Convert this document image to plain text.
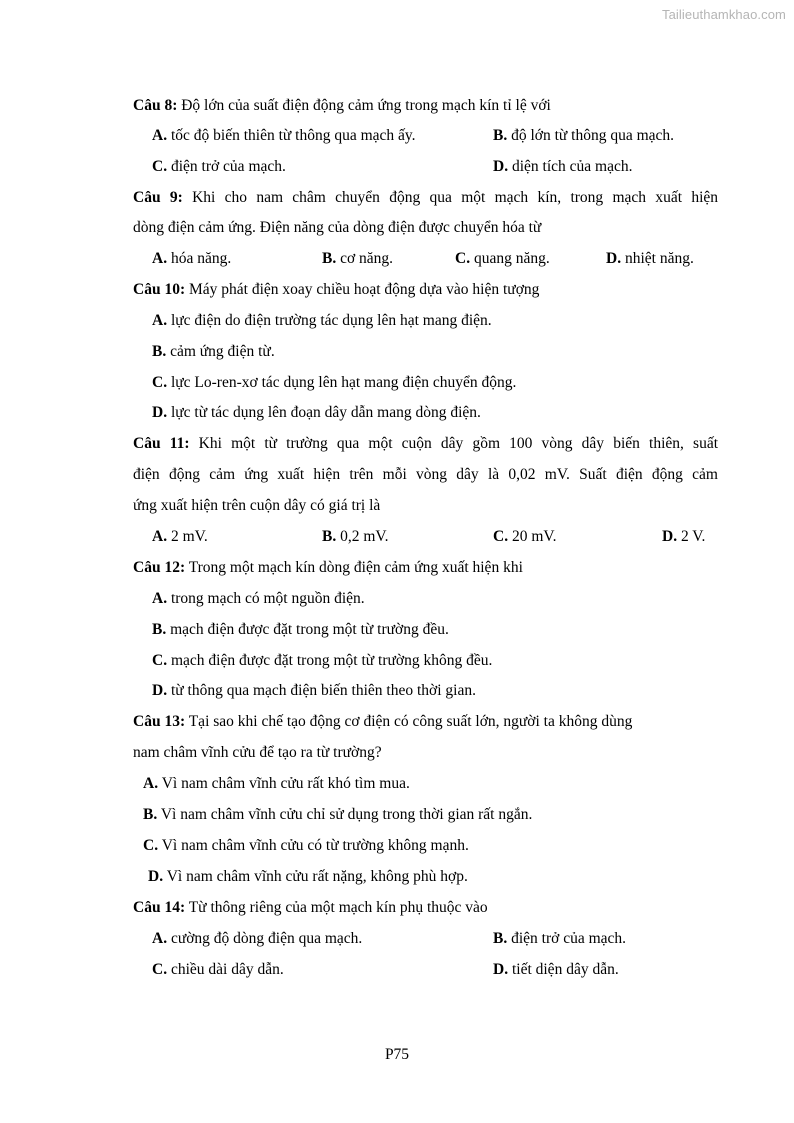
Tailieuthamkhao.com
Câu 8: Độ lớn của suất điện động cảm ứng trong mạch kín tỉ lệ với
A. tốc độ biến thiên từ thông qua mạch ấy.	B. độ lớn từ thông qua mạch.
C. điện trở của mạch.	D. diện tích của mạch.
Câu 9: Khi cho nam châm chuyển động qua một mạch kín, trong mạch xuất hiện
dòng điện cảm ứng. Điện năng của dòng điện được chuyển hóa từ
A. hóa năng.	B. cơ năng.	C. quang năng.	D. nhiệt năng.
Câu 10: Máy phát điện xoay chiều hoạt động dựa vào hiện tượng
A. lực điện do điện trường tác dụng lên hạt mang điện.
B. cảm ứng điện từ.
C. lực Lo-ren-xơ tác dụng lên hạt mang điện chuyển động.
D. lực từ tác dụng lên đoạn dây dẫn mang dòng điện.
Câu 11: Khi một từ trường qua một cuộn dây gồm 100 vòng dây biến thiên, suất
điện động cảm ứng xuất hiện trên mỗi vòng dây là 0,02 mV. Suất điện động cảm
ứng xuất hiện trên cuộn dây có giá trị là
A. 2 mV.	B. 0,2 mV.	C. 20 mV.	D. 2 V.
Câu 12: Trong một mạch kín dòng điện cảm ứng xuất hiện khi
A. trong mạch có một nguồn điện.
B. mạch điện được đặt trong một từ trường đều.
C. mạch điện được đặt trong một từ trường không đều.
D. từ thông qua mạch điện biến thiên theo thời gian.
Câu 13: Tại sao khi chế tạo động cơ điện có công suất lớn, người ta không dùng
nam châm vĩnh cửu để tạo ra từ trường?
A. Vì nam châm vĩnh cửu rất khó tìm mua.
B. Vì nam châm vĩnh cửu chỉ sử dụng trong thời gian rất ngắn.
C. Vì nam châm vĩnh cửu có từ trường không mạnh.
D. Vì nam châm vĩnh cửu rất nặng, không phù hợp.
Câu 14: Từ thông riêng của một mạch kín phụ thuộc vào
A. cường độ dòng điện qua mạch.	B. điện trở của mạch.
C. chiều dài dây dẫn.	D. tiết diện dây dẫn.
P75
